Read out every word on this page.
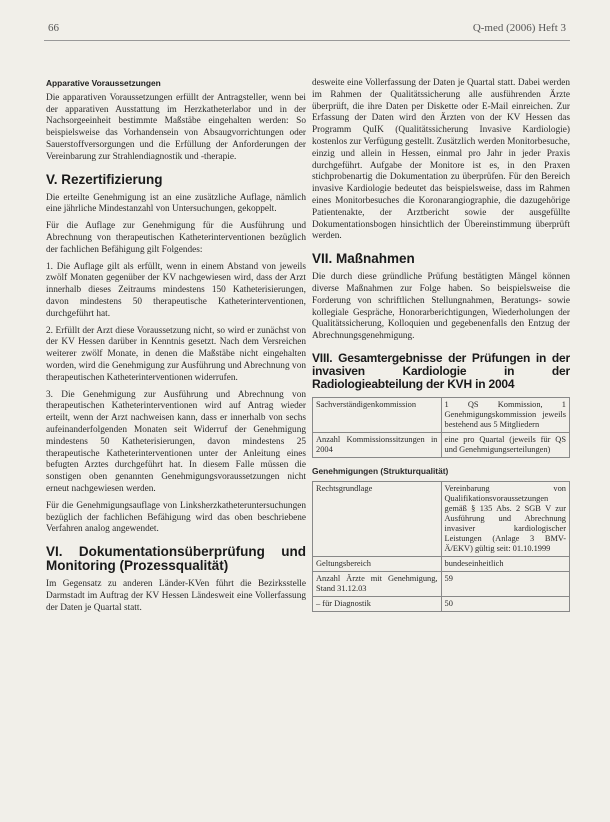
66	Q-med (2006) Heft 3
Apparative Voraussetzungen

Die apparativen Voraussetzungen erfüllt der Antragsteller, wenn bei der apparativen Ausstattung im Herzkatheterlabor und in der Nachsorgeeinheit bestimmte Maßstäbe eingehalten werden: So beispielsweise das Vorhandensein von Absaugvorrichtungen oder Sauerstoffversorgungen und die Erfüllung der Anforderungen der Vereinbarung zur Strahlendiagnostik und -therapie.

V. Rezertifizierung

Die erteilte Genehmigung ist an eine zusätzliche Auflage, nämlich eine jährliche Mindestanzahl von Untersuchungen, gekoppelt.

Für die Auflage zur Genehmigung für die Ausführung und Abrechnung von therapeutischen Katheterinterventionen bezüglich der fachlichen Befähigung gilt Folgendes:

1. Die Auflage gilt als erfüllt, wenn in einem Abstand von jeweils zwölf Monaten gegenüber der KV nachgewiesen wird, dass der Arzt innerhalb dieses Zeitraums mindestens 150 Katheterisierungen, davon mindestens 50 therapeutische Katheterinterventionen, durchgeführt hat.

2. Erfüllt der Arzt diese Voraussetzung nicht, so wird er zunächst von der KV Hessen darüber in Kenntnis gesetzt. Nach dem Versreichen weiterer zwölf Monate, in denen die Maßstäbe nicht eingehalten worden, wird die Genehmigung zur Ausführung und Abrechnung von therapeutischen Katheterinterventionen widerrufen.

3. Die Genehmigung zur Ausführung und Abrechnung von therapeutischen Katheterinterventionen wird auf Antrag wieder erteilt, wenn der Arzt nachweisen kann, dass er innerhalb von sechs aufeinanderfolgenden Monaten seit Widerruf der Genehmigung mindestens 50 Katheterisierungen, davon mindestens 25 therapeutische Katheterinterventionen unter der Anleitung eines befugten Arztes durchgeführt hat. In diesem Falle müssen die sonstigen oben genannten Genehmigungsvoraussetzungen nicht erneut nachgewiesen werden.

Für die Genehmigungsauflage von Linksherzkatheteruntersuchungen bezüglich der fachlichen Befähigung wird das oben beschriebene Verfahren analog angewendet.

VI. Dokumentationsüberprüfung und Monitoring (Prozessqualität)

Im Gegensatz zu anderen Länder-KVen führt die Bezirksstelle Darmstadt im Auftrag der KV Hessen Ländesweit eine Vollerfassung der Daten je Quartal statt.

desweite eine Vollerfassung der Daten je Quartal statt. Dabei werden im Rahmen der Qualitätssicherung alle ausführenden Ärzte überprüft, die ihre Daten per Diskette oder E-Mail einreichen. Zur Erfassung der Daten wird den Ärzten von der KV Hessen das Programm QuIK (Qualitätssicherung Invasive Kardiologie) kostenlos zur Verfügung gestellt. Zusätzlich werden Monitorbesuche, einzig und allein in Hessen, einmal pro Jahr in jeder Praxis durchgeführt. Aufgabe der Monitore ist es, in den Praxen stichprobenartig die Dokumentation zu überprüfen. Für den Bereich invasive Kardiologie bedeutet das beispielsweise, dass im Rahmen eines Monitorbesuches die Koronarangiographie, die dazugehörige Patientenakte, der Arztbericht sowie der ausgefüllte Dokumentationsbogen hinsichtlich der Übereinstimmung überprüft werden.

VII. Maßnahmen

Die durch diese gründliche Prüfung bestätigten Mängel können diverse Maßnahmen zur Folge haben. So beispielsweise die Forderung von schriftlichen Stellungnahmen, Beratungs- sowie kollegiale Gespräche, Honorarberichtigungen, Wiederholungen der Qualitätssicherung, Kolloquien und gegebenenfalls den Entzug der Abrechnungsgenehmigung.

VIII. Gesamtergebnisse der Prüfungen in der invasiven Kardiologie in der Radiologieabteilung der KVH in 2004
Sachverständigenkommission	1 QS Kommission, 1 Genehmigungskommission jeweils bestehend aus 5 Mitgliedern
Anzahl Kommissionssitzungen in 2004	eine pro Quartal (jeweils für QS und Genehmigungserteilungen)
Genehmigungen (Strukturqualität)
Rechtsgrundlage	Vereinbarung von Qualifikationsvoraussetzungen gemäß § 135 Abs. 2 SGB V zur Ausführung und Abrechnung invasiver kardiologischer Leistungen (Anlage 3 BMV-Ä/EKV) gültig seit: 01.10.1999
Geltungsbereich	bundeseinheitlich
Anzahl Ärzte mit Genehmigung, Stand 31.12.03	59
– für Diagnostik	50
